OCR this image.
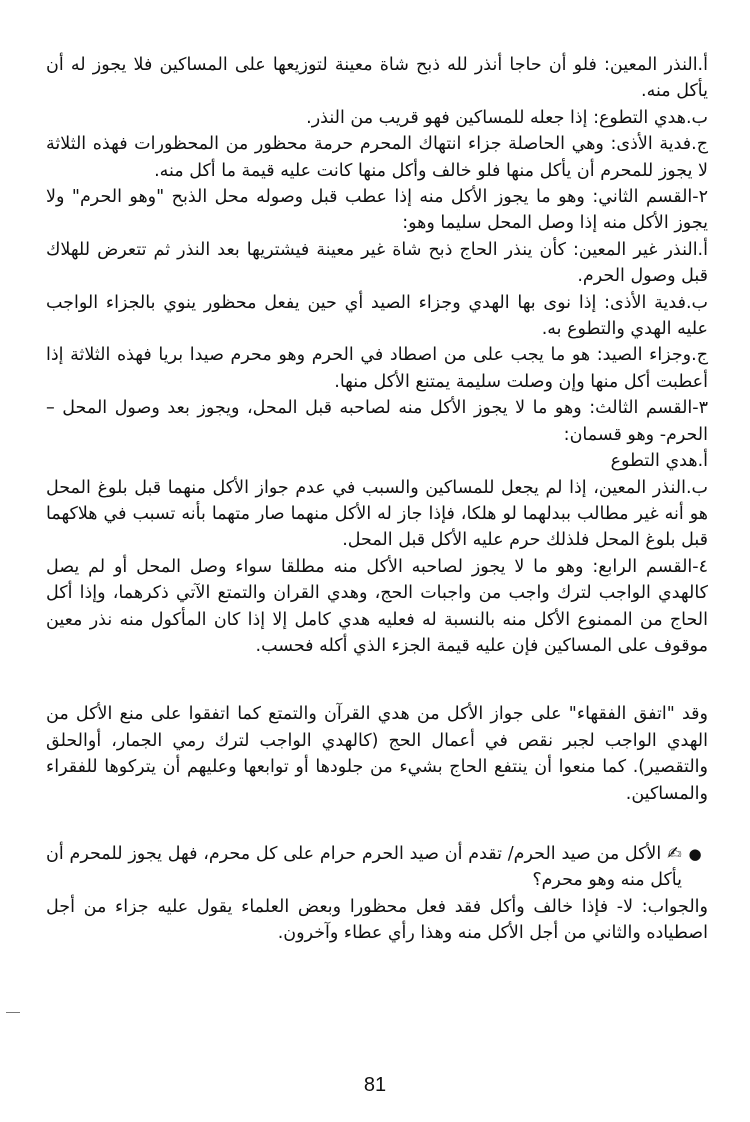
أ.النذر المعين: فلو أن حاجا أنذر لله ذبح شاة معينة لتوزيعها على المساكين فلا يجوز له أن يأكل منه.

ب.هدي التطوع: إذا جعله للمساكين فهو قريب من النذر.

ج.فدية الأذى: وهي الحاصلة جزاء انتهاك المحرم حرمة محظور من المحظورات فهذه الثلاثة لا يجوز للمحرم أن يأكل منها فلو خالف وأكل منها كانت عليه قيمة ما أكل منه.

٢-القسم الثاني: وهو ما يجوز الأكل منه إذا عطب قبل وصوله محل الذبح "وهو الحرم" ولا يجوز الأكل منه إذا وصل المحل سليما وهو:

أ.النذر غير المعين: كأن ينذر الحاج ذبح شاة غير معينة فيشتريها بعد النذر ثم تتعرض للهلاك قبل وصول الحرم.

ب.فدية الأذى: إذا نوى بها الهدي وجزاء الصيد أي حين يفعل محظور ينوي بالجزاء الواجب عليه الهدي والتطوع به.

ج.وجزاء الصيد: هو ما يجب على من اصطاد في الحرم وهو محرم صيدا بريا فهذه الثلاثة إذا أعطبت أكل منها وإن وصلت سليمة يمتنع الأكل منها.

٣-القسم الثالث: وهو ما لا يجوز الأكل منه لصاحبه قبل المحل، ويجوز بعد وصول المحل –الحرم- وهو قسمان:

أ.هدي التطوع

ب.النذر المعين، إذا لم يجعل للمساكين والسبب في عدم جواز الأكل منهما قبل بلوغ المحل هو أنه غير مطالب ببدلهما لو هلكا، فإذا جاز له الأكل منهما صار متهما بأنه تسبب في هلاكهما قبل بلوغ المحل فلذلك حرم عليه الأكل قبل المحل.

٤-القسم الرابع: وهو ما لا يجوز لصاحبه الأكل منه مطلقا سواء وصل المحل أو لم يصل كالهدي الواجب لترك واجب من واجبات الحج، وهدي القران والتمتع الآتي ذكرهما، وإذا أكل الحاج من الممنوع الأكل منه بالنسبة له فعليه هدي كامل إلا إذا كان المأكول منه نذر معين موقوف على المساكين فإن عليه قيمة الجزء الذي أكله فحسب.

وقد "اتفق الفقهاء" على جواز الأكل من هدي القرآن والتمتع كما اتفقوا على منع الأكل من الهدي الواجب لجبر نقص في أعمال الحج (كالهدي الواجب لترك رمي الجمار، أوالحلق والتقصير). كما منعوا أن ينتفع الحاج بشيء من جلودها أو توابعها وعليهم أن يتركوها للفقراء والمساكين.

●

✍ الأكل من صيد الحرم/ تقدم أن صيد الحرم حرام على كل محرم، فهل يجوز للمحرم أن يأكل منه وهو محرم؟

والجواب: لا- فإذا خالف وأكل فقد فعل محظورا وبعض العلماء يقول عليه جزاء من أجل اصطياده والثاني من أجل الأكل منه وهذا رأي عطاء وآخرون.

81
